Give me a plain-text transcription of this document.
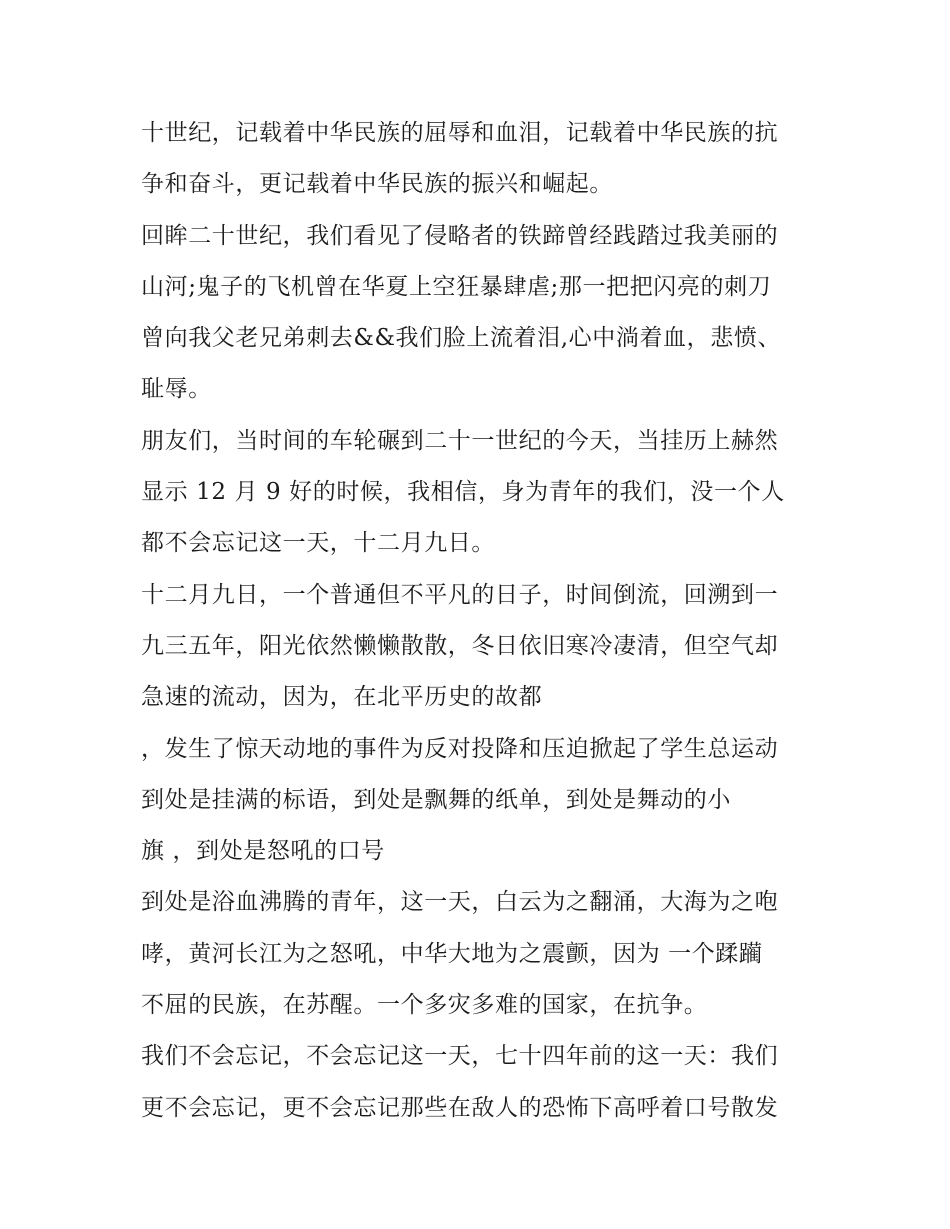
十世纪，记载着中华民族的屈辱和血泪，记载着中华民族的抗
争和奋斗，更记载着中华民族的振兴和崛起。
回眸二十世纪，我们看见了侵略者的铁蹄曾经践踏过我美丽的
山河;鬼子的飞机曾在华夏上空狂暴肆虐;那一把把闪亮的刺刀
曾向我父老兄弟刺去&&我们脸上流着泪,心中淌着血，悲愤、
耻辱。
朋友们，当时间的车轮碾到二十一世纪的今天，当挂历上赫然
显示 12 月 9 好的时候，我相信，身为青年的我们，没一个人
都不会忘记这一天，十二月九日。
十二月九日，一个普通但不平凡的日子，时间倒流，回溯到一
九三五年，阳光依然懒懒散散，冬日依旧寒冷凄清，但空气却
急速的流动，因为，在北平历史的故都
，发生了惊天动地的事件为反对投降和压迫掀起了学生总运动
到处是挂满的标语，到处是飘舞的纸单，到处是舞动的小
旗 ，到处是怒吼的口号
到处是浴血沸腾的青年，这一天，白云为之翻涌，大海为之咆
哮，黄河长江为之怒吼，中华大地为之震颤，因为 一个蹂躏
不屈的民族，在苏醒。一个多灾多难的国家，在抗争。
我们不会忘记，不会忘记这一天，七十四年前的这一天：我们
更不会忘记，更不会忘记那些在敌人的恐怖下高呼着口号散发
